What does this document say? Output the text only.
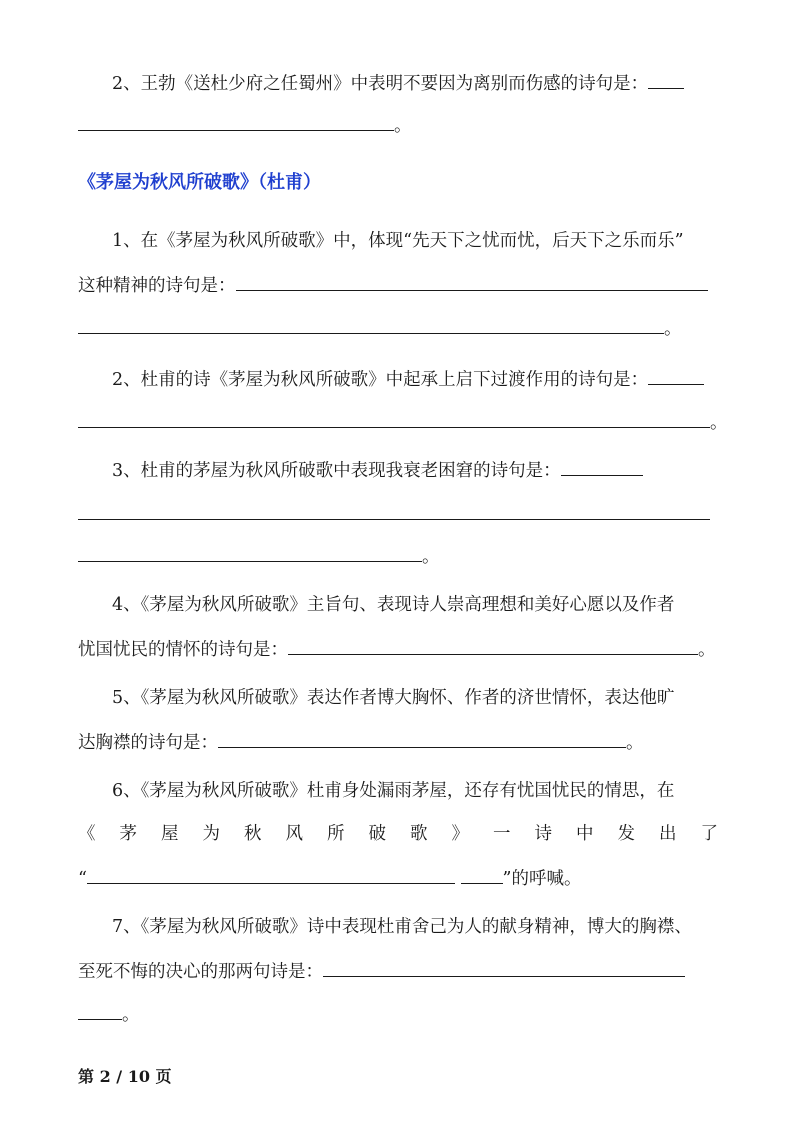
2、王勃《送杜少府之任蜀州》中表明不要因为离别而伤感的诗句是：
。
《茅屋为秋风所破歌》（杜甫）
1、在《茅屋为秋风所破歌》中，体现“先天下之忧而忧，后天下之乐而乐”
这种精神的诗句是：
。
2、杜甫的诗《茅屋为秋风所破歌》中起承上启下过渡作用的诗句是：
。
3、杜甫的茅屋为秋风所破歌中表现我衰老困窘的诗句是：
。
4、《茅屋为秋风所破歌》主旨句、表现诗人崇高理想和美好心愿以及作者
忧国忧民的情怀的诗句是：	。
5、《茅屋为秋风所破歌》表达作者博大胸怀、作者的济世情怀，表达他旷
达胸襟的诗句是：	。
6、《茅屋为秋风所破歌》杜甫身处漏雨茅屋，还存有忧国忧民的情思，在
《 茅 屋 为 秋 风 所 破 歌 》 一 诗 中 发 出 了
“	”的呼喊。
7、《茅屋为秋风所破歌》诗中表现杜甫舍己为人的献身精神，博大的胸襟、
至死不悔的决心的那两句诗是：
。
第 2 / 10 页
